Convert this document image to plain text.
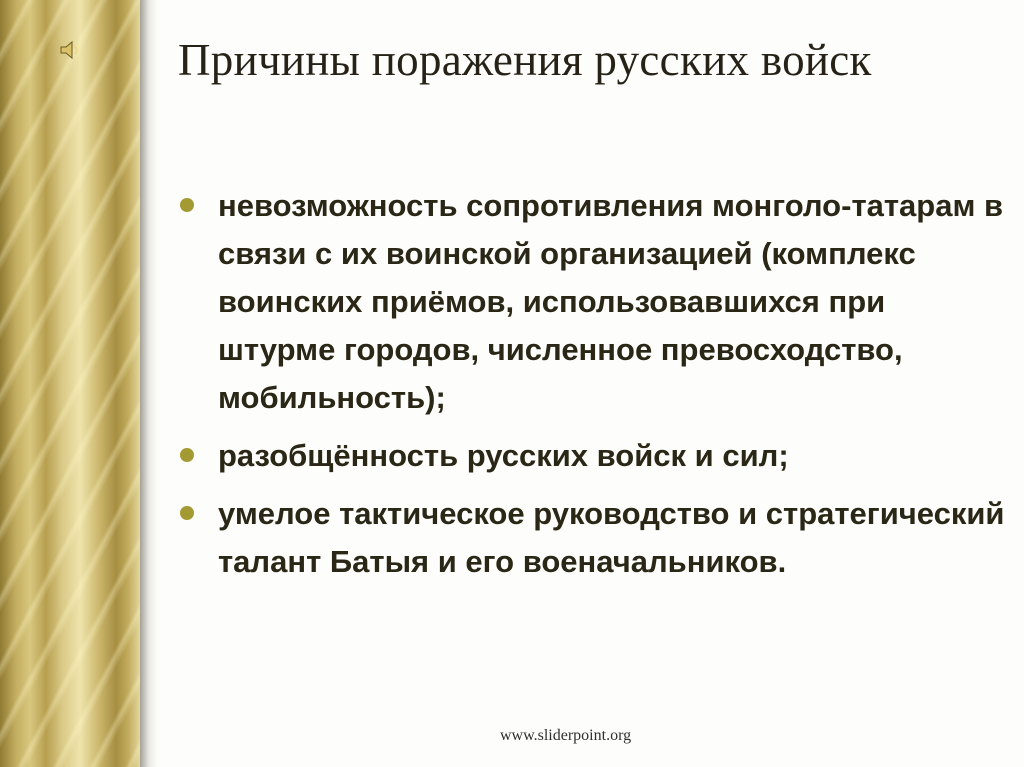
Причины поражения русских войск
невозможность сопротивления монголо-татарам в связи с их воинской организацией (комплекс воинских приёмов, использовавшихся при штурме городов, численное превосходство, мобильность);
разобщённость русских войск и сил;
умелое тактическое руководство и стратегический талант Батыя и его военачальников.
www.sliderpoint.org
